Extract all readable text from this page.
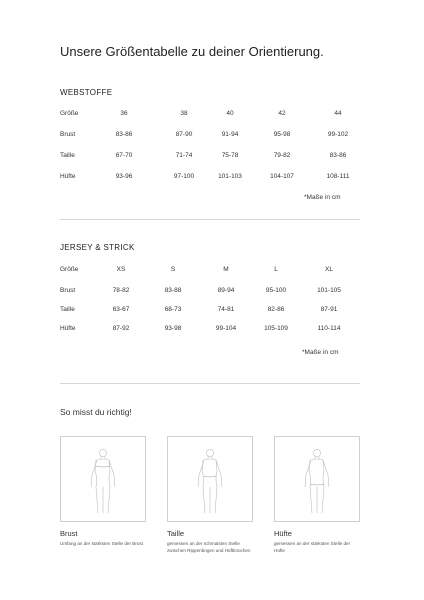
Unsere Größentabelle zu deiner Orientierung.
WEBSTOFFE
Größe	36	38	40	42	44
Brust	83-86	87-90	91-94	95-98	99-102
Taille	67-70	71-74	75-78	79-82	83-86
Hüfte	93-96	97-100	101-103	104-107	108-111
*Maße in cm
JERSEY & STRICK
Größe	XS	S	M	L	XL
Brust	78-82	83-88	89-94	95-100	101-105
Taille	63-67	68-73	74-81	82-86	87-91
Hüfte	87-92	93-98	99-104	105-109	110-114
*Maße in cm
So misst du richtig!
Brust
Umfang an der stärksten Stelle der Brust
Taille
gemessen an der schmalsten Stelle
zwischen Rippenbogen und Hüftknochen
Hüfte
gemessen an der stärksten Stelle der
Hüfte
